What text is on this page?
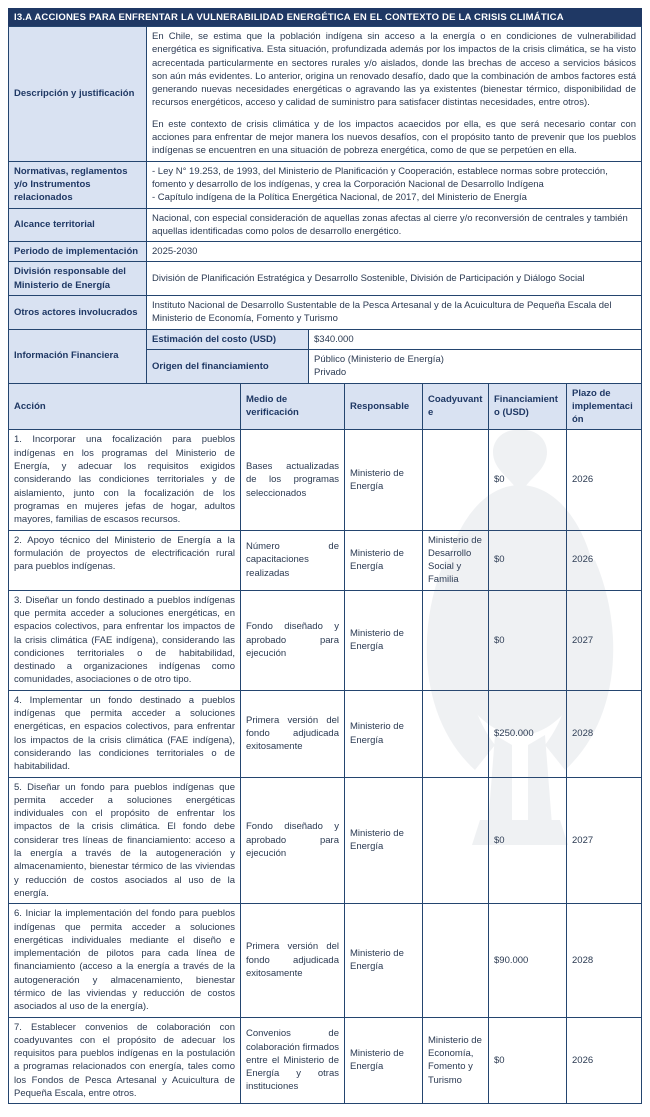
I3.A ACCIONES PARA ENFRENTAR LA VULNERABILIDAD ENERGÉTICA EN EL CONTEXTO DE LA CRISIS CLIMÁTICA
Descripción y justificación	En Chile, se estima que la población indígena sin acceso a la energía o en condiciones de vulnerabilidad energética es significativa. Esta situación, profundizada además por los impactos de la crisis climática, se ha visto acrecentada particularmente en sectores rurales y/o aislados, donde las brechas de acceso a servicios básicos son aún más evidentes. Lo anterior, origina un renovado desafío, dado que la combinación de ambos factores está generando nuevas necesidades energéticas o agravando las ya existentes (bienestar térmico, disponibilidad de recursos energéticos, acceso y calidad de suministro para satisfacer distintas necesidades, entre otros).

En este contexto de crisis climática y de los impactos acaecidos por ella, es que será necesario contar con acciones para enfrentar de mejor manera los nuevos desafíos, con el propósito tanto de prevenir que los pueblos indígenas se encuentren en una situación de pobreza energética, como de que se perpetúen en ella.	

Normativas, reglamentos y/o Instrumentos relacionados	- Ley N° 19.253, de 1993, del Ministerio de Planificación y Cooperación, establece normas sobre protección, fomento y desarrollo de los indígenas, y crea la Corporación Nacional de Desarrollo Indígena
- Capítulo indígena de la Política Energética Nacional, de 2017, del Ministerio de Energía	

Alcance territorial	Nacional, con especial consideración de aquellas zonas afectas al cierre y/o reconversión de centrales y también aquellas identificadas como polos de desarrollo energético.	
Periodo de implementación	2025-2030	
División responsable del Ministerio de Energía	División de Planificación Estratégica y Desarrollo Sostenible, División de Participación y Diálogo Social	
Otros actores involucrados	Instituto Nacional de Desarrollo Sustentable de la Pesca Artesanal y de la Acuicultura de Pequeña Escala del Ministerio de Economía, Fomento y Turismo	
Información Financiera	Estimación del costo (USD)	$340.000
	Origen del financiamiento	Público (Ministerio de Energía)
Privado
Acción	Medio de verificación	Responsable	Coadyuvante	Financiamiento (USD)	Plazo de implementación
1. Incorporar una focalización para pueblos indígenas en los programas del Ministerio de Energía, y adecuar los requisitos exigidos considerando las condiciones territoriales y de aislamiento, junto con la focalización de los programas en mujeres jefas de hogar, adultos mayores, familias de escasos recursos.	Bases actualizadas de los programas seleccionados	Ministerio de Energía		$0	2026
2. Apoyo técnico del Ministerio de Energía a la formulación de proyectos de electrificación rural para pueblos indígenas.	Número de capacitaciones realizadas	Ministerio de Energía	Ministerio de Desarrollo Social y Familia	$0	2026
3. Diseñar un fondo destinado a pueblos indígenas que permita acceder a soluciones energéticas, en espacios colectivos, para enfrentar los impactos de la crisis climática (FAE indígena), considerando las condiciones territoriales o de habitabilidad, destinado a organizaciones indígenas como comunidades, asociaciones o de otro tipo.	Fondo diseñado y aprobado para ejecución	Ministerio de Energía		$0	2027
4. Implementar un fondo destinado a pueblos indígenas que permita acceder a soluciones energéticas, en espacios colectivos, para enfrentar los impactos de la crisis climática (FAE indígena), considerando las condiciones territoriales o de habitabilidad.	Primera versión del fondo adjudicada exitosamente	Ministerio de Energía		$250.000	2028
5. Diseñar un fondo para pueblos indígenas que permita acceder a soluciones energéticas individuales con el propósito de enfrentar los impactos de la crisis climática. El fondo debe considerar tres líneas de financiamiento: acceso a la energía a través de la autogeneración y almacenamiento, bienestar térmico de las viviendas y reducción de costos asociados al uso de la energía.	Fondo diseñado y aprobado para ejecución	Ministerio de Energía		$0	2027
6. Iniciar la implementación del fondo para pueblos indígenas que permita acceder a soluciones energéticas individuales mediante el diseño e implementación de pilotos para cada línea de financiamiento (acceso a la energía a través de la autogeneración y almacenamiento, bienestar térmico de las viviendas y reducción de costos asociados al uso de la energía).	Primera versión del fondo adjudicada exitosamente	Ministerio de Energía		$90.000	2028
7. Establecer convenios de colaboración con coadyuvantes con el propósito de adecuar los requisitos para pueblos indígenas en la postulación a programas relacionados con energía, tales como los Fondos de Pesca Artesanal y Acuicultura de Pequeña Escala, entre otros.	Convenios de colaboración firmados entre el Ministerio de Energía y otras instituciones	Ministerio de Energía	Ministerio de Economía, Fomento y Turismo	$0	2026
